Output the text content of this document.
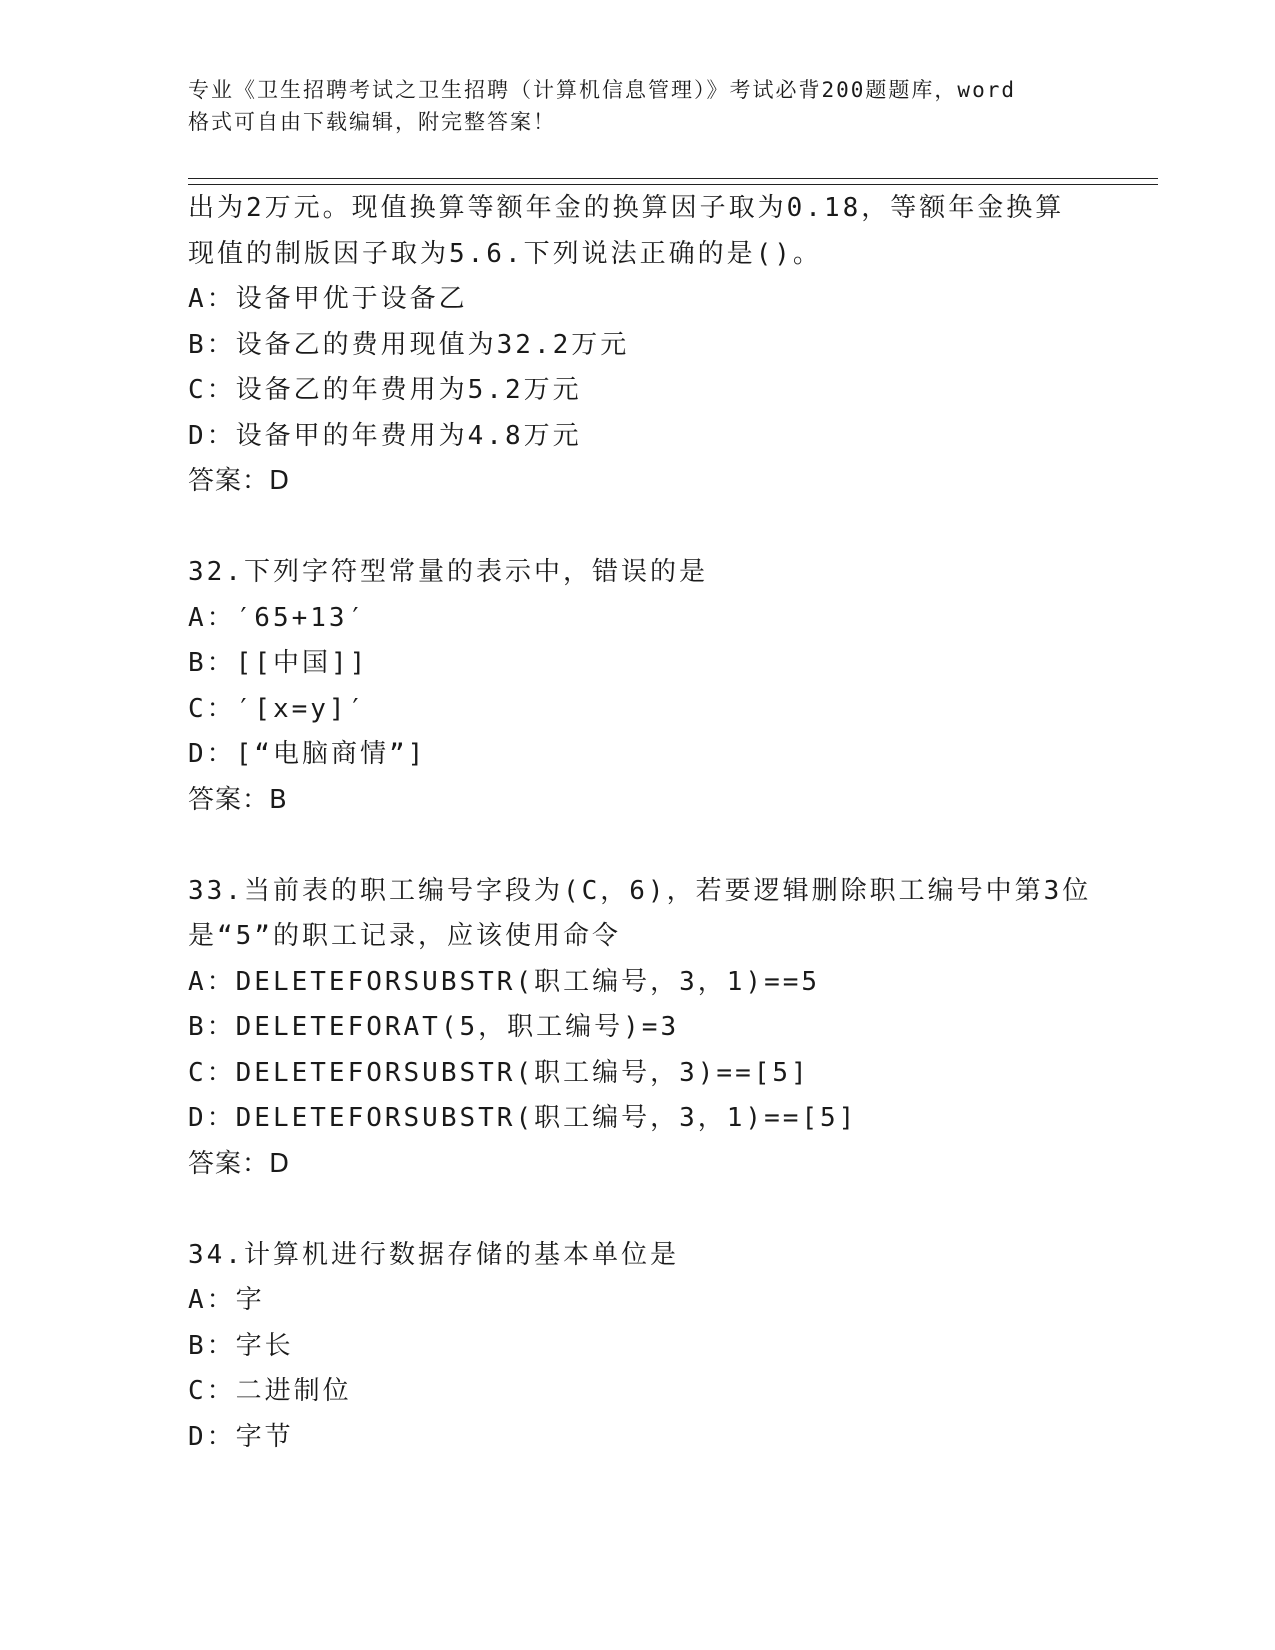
专业《卫生招聘考试之卫生招聘（计算机信息管理）》考试必背200题题库，word
格式可自由下载编辑，附完整答案！
出为2万元。现值换算等额年金的换算因子取为0.18，等额年金换算
现值的制版因子取为5.6.下列说法正确的是()。
A：设备甲优于设备乙
B：设备乙的费用现值为32.2万元
C：设备乙的年费用为5.2万元
D：设备甲的年费用为4.8万元
答案：D
32.下列字符型常量的表示中，错误的是
A：′65+13′
B：[[中国]]
C：′[x=y]′
D：[“电脑商情”]
答案：B
33.当前表的职工编号字段为(C，6)，若要逻辑删除职工编号中第3位
是“5”的职工记录，应该使用命令
A：DELETEFORSUBSTR(职工编号，3，1)==5
B：DELETEFORAT(5，职工编号)=3
C：DELETEFORSUBSTR(职工编号，3)==[5]
D：DELETEFORSUBSTR(职工编号，3，1)==[5]
答案：D
34.计算机进行数据存储的基本单位是
A：字
B：字长
C：二进制位
D：字节
